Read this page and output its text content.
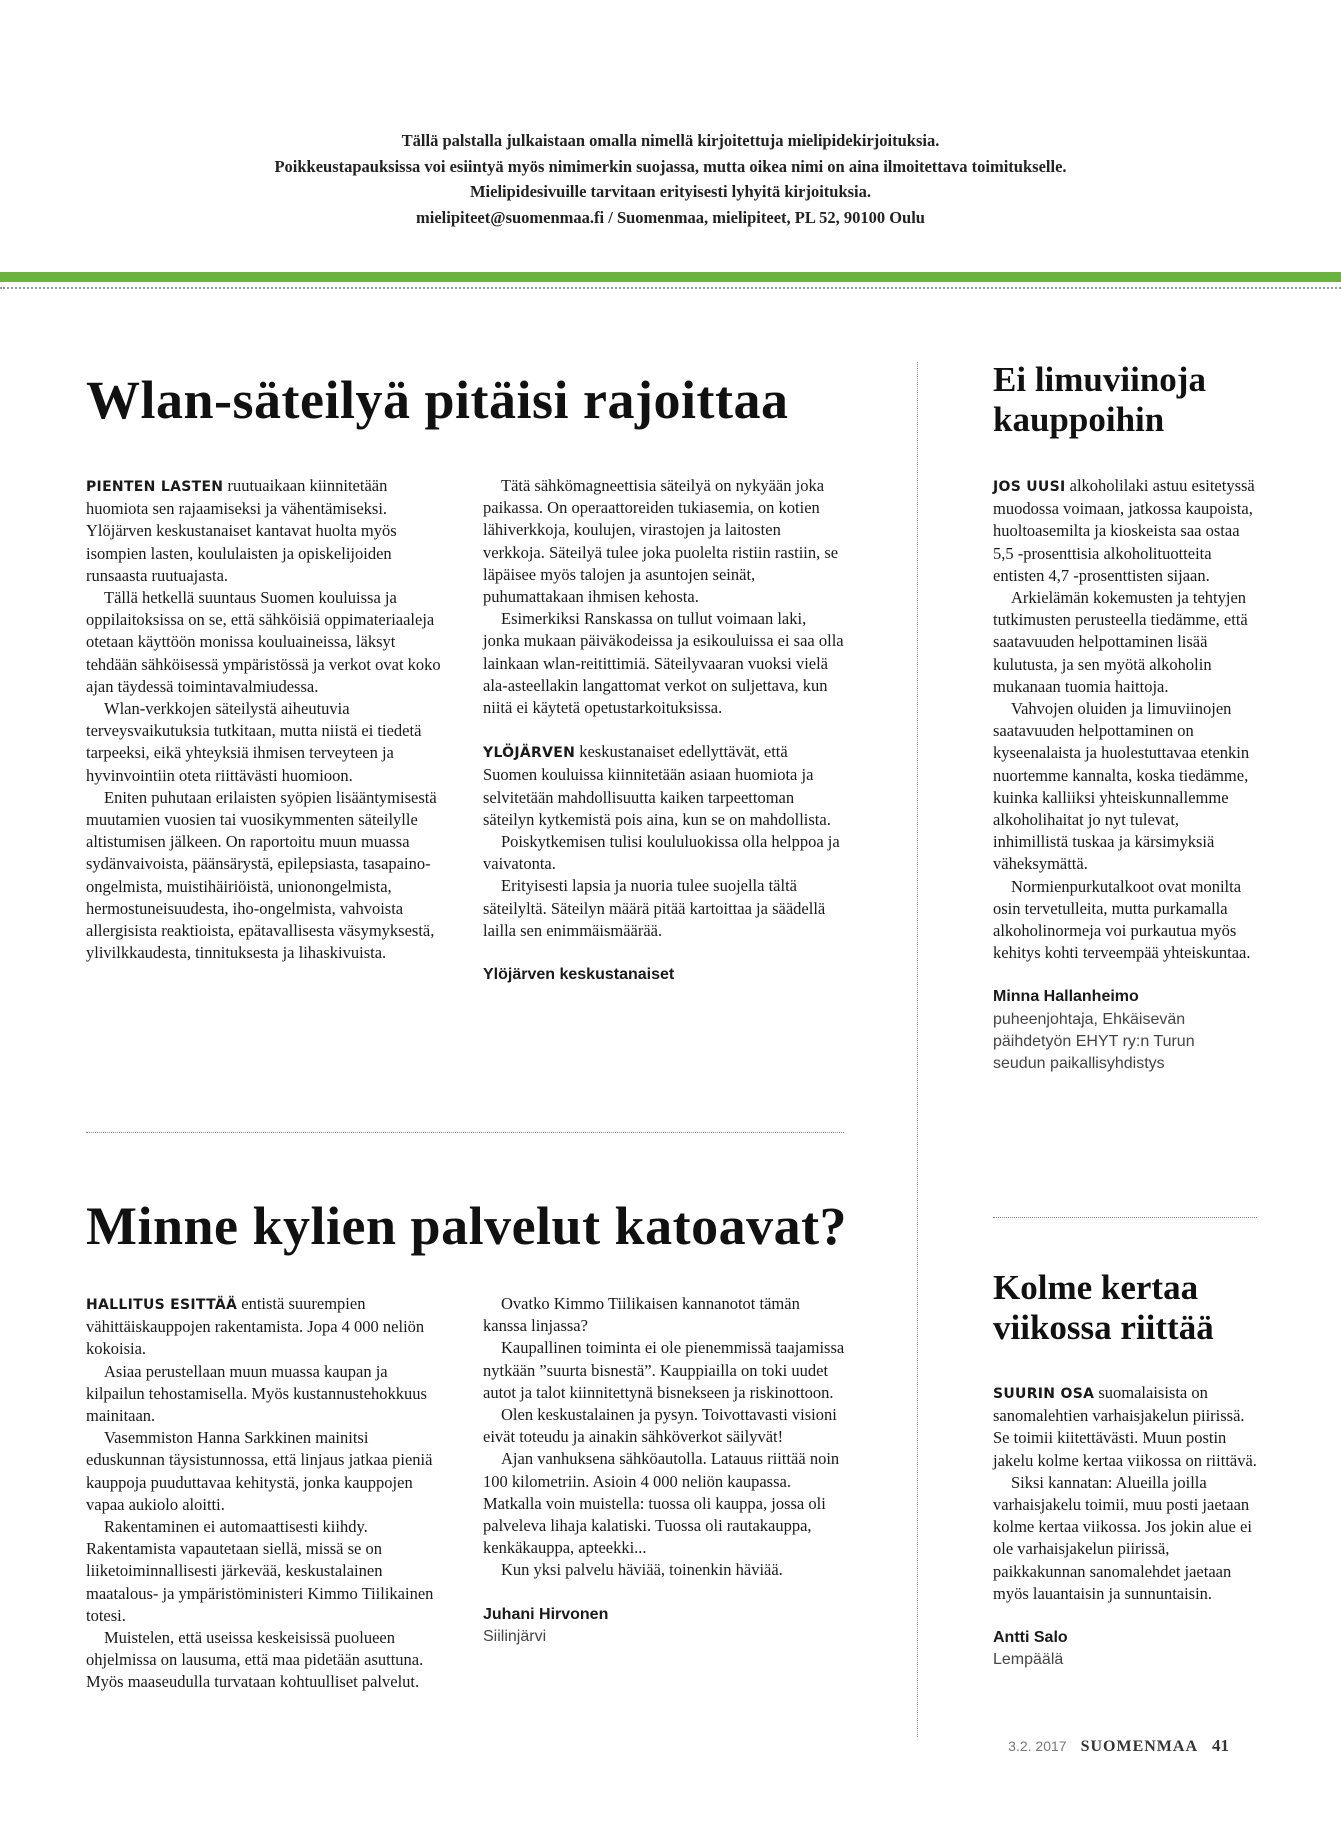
Tällä palstalla julkaistaan omalla nimellä kirjoitettuja mielipidekirjoituksia.
Poikkeustapauksissa voi esiintyä myös nimimerkin suojassa, mutta oikea nimi on aina ilmoitettava toimitukselle.
Mielipidesivuille tarvitaan erityisesti lyhyitä kirjoituksia.
mielipiteet@suomenmaa.fi / Suomenmaa, mielipiteet, PL 52, 90100 Oulu
Wlan-säteilyä pitäisi rajoittaa

PIENTEN LASTEN ruutuaikaan kiinnitetään huomiota sen rajaamiseksi ja vähentämiseksi. Ylöjärven keskustanaiset kantavat huolta myös isompien lasten, koululaisten ja opiskelijoiden runsaasta ruutuajasta.

Tällä hetkellä suuntaus Suomen kouluissa ja oppilaitoksissa on se, että sähköisiä oppimateriaaleja otetaan käyttöön monissa kouluaineissa, läksyt tehdään sähköisessä ympäristössä ja verkot ovat koko ajan täydessä toimintavalmiudessa.

Wlan-verkkojen säteilystä aiheutuvia terveysvaikutuksia tutkitaan, mutta niistä ei tiedetä tarpeeksi, eikä yhteyksiä ihmisen terveyteen ja hyvinvointiin oteta riittävästi huomioon.

Eniten puhutaan erilaisten syöpien lisääntymisestä muutamien vuosien tai vuosikymmenten säteilylle altistumisen jälkeen. On raportoitu muun muassa sydänvaivoista, päänsärystä, epilepsiasta, tasapaino-ongelmista, muistihäiriöistä, unionongelmista, hermostuneisuudesta, iho-ongelmista, vahvoista allergisista reaktioista, epätavallisesta väsymyksestä, ylivilkkaudesta, tinnituksesta ja lihaskivuista.

Tätä sähkömagneettisia säteilyä on nykyään joka paikassa. On operaattoreiden tukiasemia, on kotien lähiverkkoja, koulujen, virastojen ja laitosten verkkoja. Säteilyä tulee joka puolelta ristiin rastiin, se läpäisee myös talojen ja asuntojen seinät, puhumattakaan ihmisen kehosta.

Esimerkiksi Ranskassa on tullut voimaan laki, jonka mukaan päiväkodeissa ja esikouluissa ei saa olla lainkaan wlan-reitittimiä. Säteilyvaaran vuoksi vielä ala-asteellakin langattomat verkot on suljettava, kun niitä ei käytetä opetustarkoituksissa.

YLÖJÄRVEN keskustanaiset edellyttävät, että Suomen kouluissa kiinnitetään asiaan huomiota ja selvitetään mahdollisuutta kaiken tarpeettoman säteilyn kytkemistä pois aina, kun se on mahdollista.

Poiskytkemisen tulisi koululuokissa olla helppoa ja vaivatonta.

Erityisesti lapsia ja nuoria tulee suojella tältä säteilyltä. Säteilyn määrä pitää kartoittaa ja säädellä lailla sen enimmäismäärää.

Ylöjärven keskustanaiset
Minne kylien palvelut katoavat?

HALLITUS ESITTÄÄ entistä suurempien vähittäiskauppojen rakentamista. Jopa 4 000 neliön kokoisia.

Asiaa perustellaan muun muassa kaupan ja kilpailun tehostamisella. Myös kustannustehokkuus mainitaan.

Vasemmiston Hanna Sarkkinen mainitsi eduskunnan täysistunnossa, että linjaus jatkaa pieniä kauppoja puuduttavaa kehitystä, jonka kauppojen vapaa aukiolo aloitti.

Rakentaminen ei automaattisesti kiihdy. Rakentamista vapautetaan siellä, missä se on liiketoiminnallisesti järkevää, keskustalainen maatalous- ja ympäristöministeri Kimmo Tiilikainen totesi.

Muistelen, että useissa keskeisissä puolueen ohjelmissa on lausuma, että maa pidetään asuttuna. Myös maaseudulla turvataan kohtuulliset palvelut.

Ovatko Kimmo Tiilikaisen kannanotot tämän kanssa linjassa?

Kaupallinen toiminta ei ole pienemmissä taajamissa nytkään ”suurta bisnestä”. Kauppiailla on toki uudet autot ja talot kiinnitettynä bisnekseen ja riskinottoon.

Olen keskustalainen ja pysyn. Toivottavasti visioni eivät toteudu ja ainakin sähköverkot säilyvät!

Ajan vanhuksena sähköautolla. Latauus riittää noin 100 kilometriin. Asioin 4 000 neliön kaupassa. Matkalla voin muistella: tuossa oli kauppa, jossa oli palveleva lihaja kalatiski. Tuossa oli rautakauppa, kenkäkauppa, apteekki...

Kun yksi palvelu häviää, toinenkin häviää.

Juhani Hirvonen
Siilinjärvi
Ei limuviinoja
kauppoihin

JOS UUSI alkoholilaki astuu esitetyssä muodossa voimaan, jatkossa kaupoista, huoltoasemilta ja kioskeista saa ostaa 5,5 -prosenttisia alkoholituotteita entisten 4,7 -prosenttisten sijaan.

Arkielämän kokemusten ja tehtyjen tutkimusten perusteella tiedämme, että saatavuuden helpottaminen lisää kulutusta, ja sen myötä alkoholin mukanaan tuomia haittoja.

Vahvojen oluiden ja limuviinojen saatavuuden helpottaminen on kyseenalaista ja huolestuttavaa etenkin nuortemme kannalta, koska tiedämme, kuinka kalliiksi yhteiskunnallemme alkoholihaitat jo nyt tulevat, inhimillistä tuskaa ja kärsimyksiä väheksymättä.

Normienpurkutalkoot ovat monilta osin tervetulleita, mutta purkamalla alkoholinormeja voi purkautua myös kehitys kohti terveempää yhteiskuntaa.

Minna Hallanheimo
puheenjohtaja, Ehkäisevän
päihdetyön EHYT ry:n Turun
seudun paikallisyhdistys
Kolme kertaa
viikossa riittää

SUURIN OSA suomalaisista on sanomalehtien varhaisjakelun piirissä. Se toimii kiitettävästi. Muun postin jakelu kolme kertaa viikossa on riittävä.

Siksi kannatan: Alueilla joilla varhaisjakelu toimii, muu posti jaetaan kolme kertaa viikossa. Jos jokin alue ei ole varhaisjakelun piirissä, paikkakunnan sanomalehdet jaetaan myös lauantaisin ja sunnuntaisin.

Antti Salo
Lempäälä
3.2. 2017 SUOMENMAA 41
